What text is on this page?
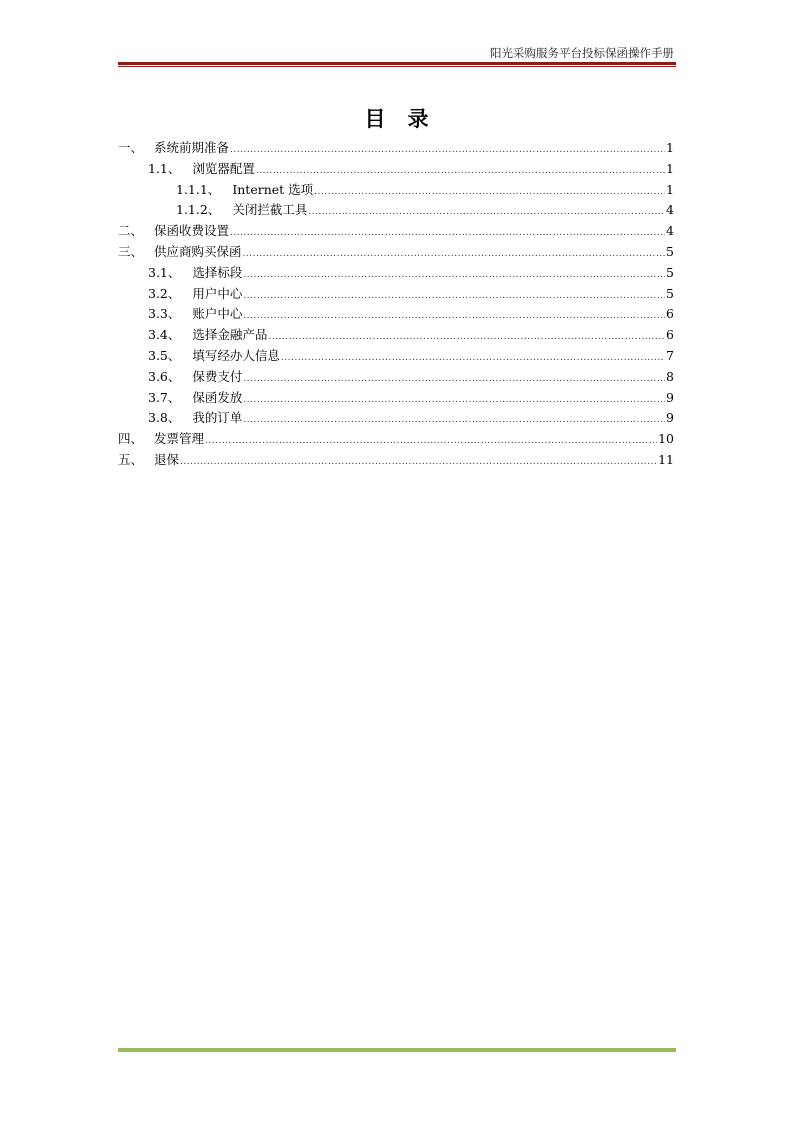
阳光采购服务平台投标保函操作手册
目录
一、 系统前期准备 .....	1
1.1、 浏览器配置 .....	1
1.1.1、 Internet 选项 .....	1
1.1.2、 关闭拦截工具 .....	4
二、 保函收费设置 .....	4
三、 供应商购买保函 .....	5
3.1、 选择标段 .....	5
3.2、 用户中心 .....	5
3.3、 账户中心 .....	6
3.4、 选择金融产品 .....	6
3.5、 填写经办人信息 .....	7
3.6、 保费支付 .....	8
3.7、 保函发放 .....	9
3.8、 我的订单 .....	9
四、 发票管理 .....	10
五、 退保 .....	11
